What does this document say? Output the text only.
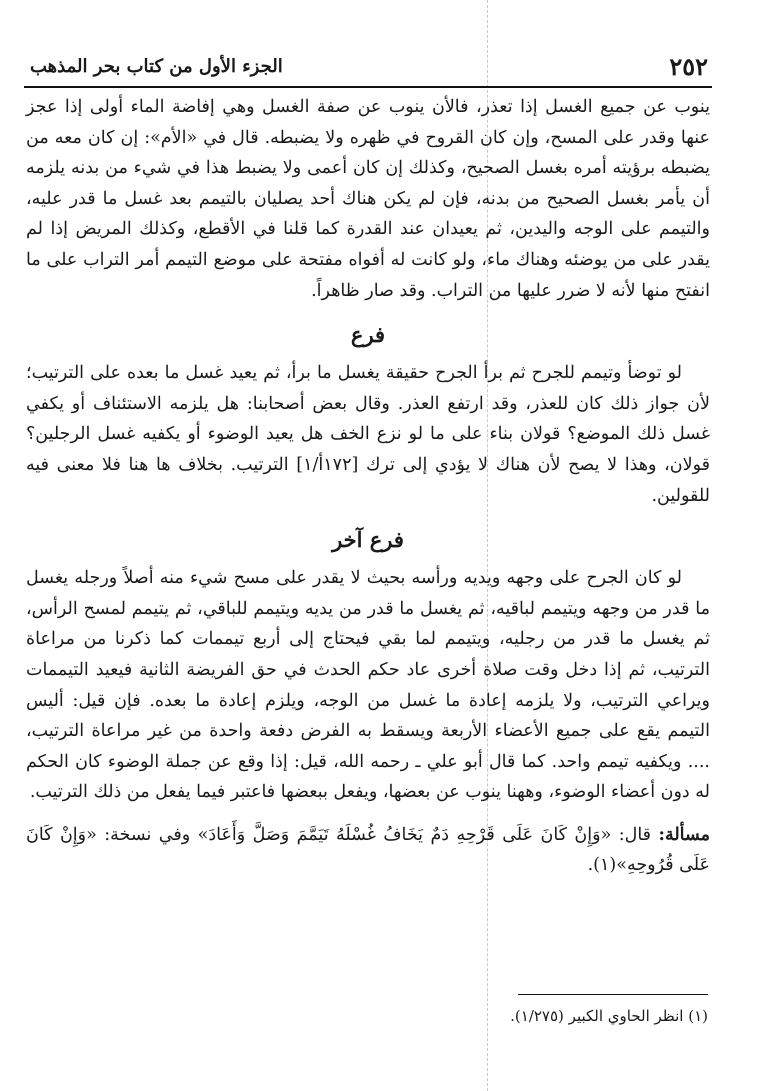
٢٥٢
الجزء الأول من كتاب بحر المذهب

ينوب عن جميع الغسل إذا تعذر، فالأن ينوب عن صفة الغسل وهي إفاضة الماء أولى إذا عجز عنها وقدر على المسح، وإن كان القروح في ظهره ولا يضبطه. قال في «الأم»: إن كان معه من يضبطه برؤيته أمره بغسل الصحيح، وكذلك إن كان أعمى ولا يضبط هذا في شيء من بدنه يلزمه أن يأمر بغسل الصحيح من بدنه، فإن لم يكن هناك أحد يصليان بالتيمم بعد غسل ما قدر عليه، والتيمم على الوجه واليدين، ثم يعيدان عند القدرة كما قلنا في الأقطع، وكذلك المريض إذا لم يقدر على من يوضئه وهناك ماء، ولو كانت له أفواه مفتحة على موضع التيمم أمر التراب على ما انفتح منها لأنه لا ضرر عليها من التراب. وقد صار ظاهراً.

فرع

لو توضأ وتيمم للجرح ثم برأ الجرح حقيقة يغسل ما برأ، ثم يعيد غسل ما بعده على الترتيب؛ لأن جواز ذلك كان للعذر، وقد ارتفع العذر. وقال بعض أصحابنا: هل يلزمه الاستئناف أو يكفي غسل ذلك الموضع؟ قولان بناء على ما لو نزع الخف هل يعيد الوضوء أو يكفيه غسل الرجلين؟ قولان، وهذا لا يصح لأن هناك لا يؤدي إلى ترك [١٧٢أ/١] الترتيب. بخلاف ها هنا فلا معنى فيه للقولين.

فرع آخر

لو كان الجرح على وجهه ويديه ورأسه بحيث لا يقدر على مسح شيء منه أصلاً ورجله يغسل ما قدر من وجهه ويتيمم لباقيه، ثم يغسل ما قدر من يديه ويتيمم للباقي، ثم يتيمم لمسح الرأس، ثم يغسل ما قدر من رجليه، ويتيمم لما بقي فيحتاج إلى أربع تيممات كما ذكرنا من مراعاة الترتيب، ثم إذا دخل وقت صلاة أخرى عاد حكم الحدث في حق الفريضة الثانية فيعيد التيممات ويراعي الترتيب، ولا يلزمه إعادة ما غسل من الوجه، ويلزم إعادة ما بعده. فإن قيل: أليس التيمم يقع على جميع الأعضاء الأربعة ويسقط به الفرض دفعة واحدة من غير مراعاة الترتيب، .... ويكفيه تيمم واحد. كما قال أبو علي ـ رحمه الله، قيل: إذا وقع عن جملة الوضوء كان الحكم له دون أعضاء الوضوء، وههنا ينوب عن بعضها، ويفعل ببعضها فاعتبر فيما يفعل من ذلك الترتيب.

مسألة: قال: «وَإِنْ كَانَ عَلَى قَرْحِهِ دَمٌ يَخَافُ غُسْلَهُ تَيَمَّمَ وَصَلَّ وَأَعَادَ» وفي نسخة: «وَإِنْ كَانَ عَلَى قُرُوحِهِ»(١).

(١) انظر الحاوي الكبير (١/٢٧٥).
